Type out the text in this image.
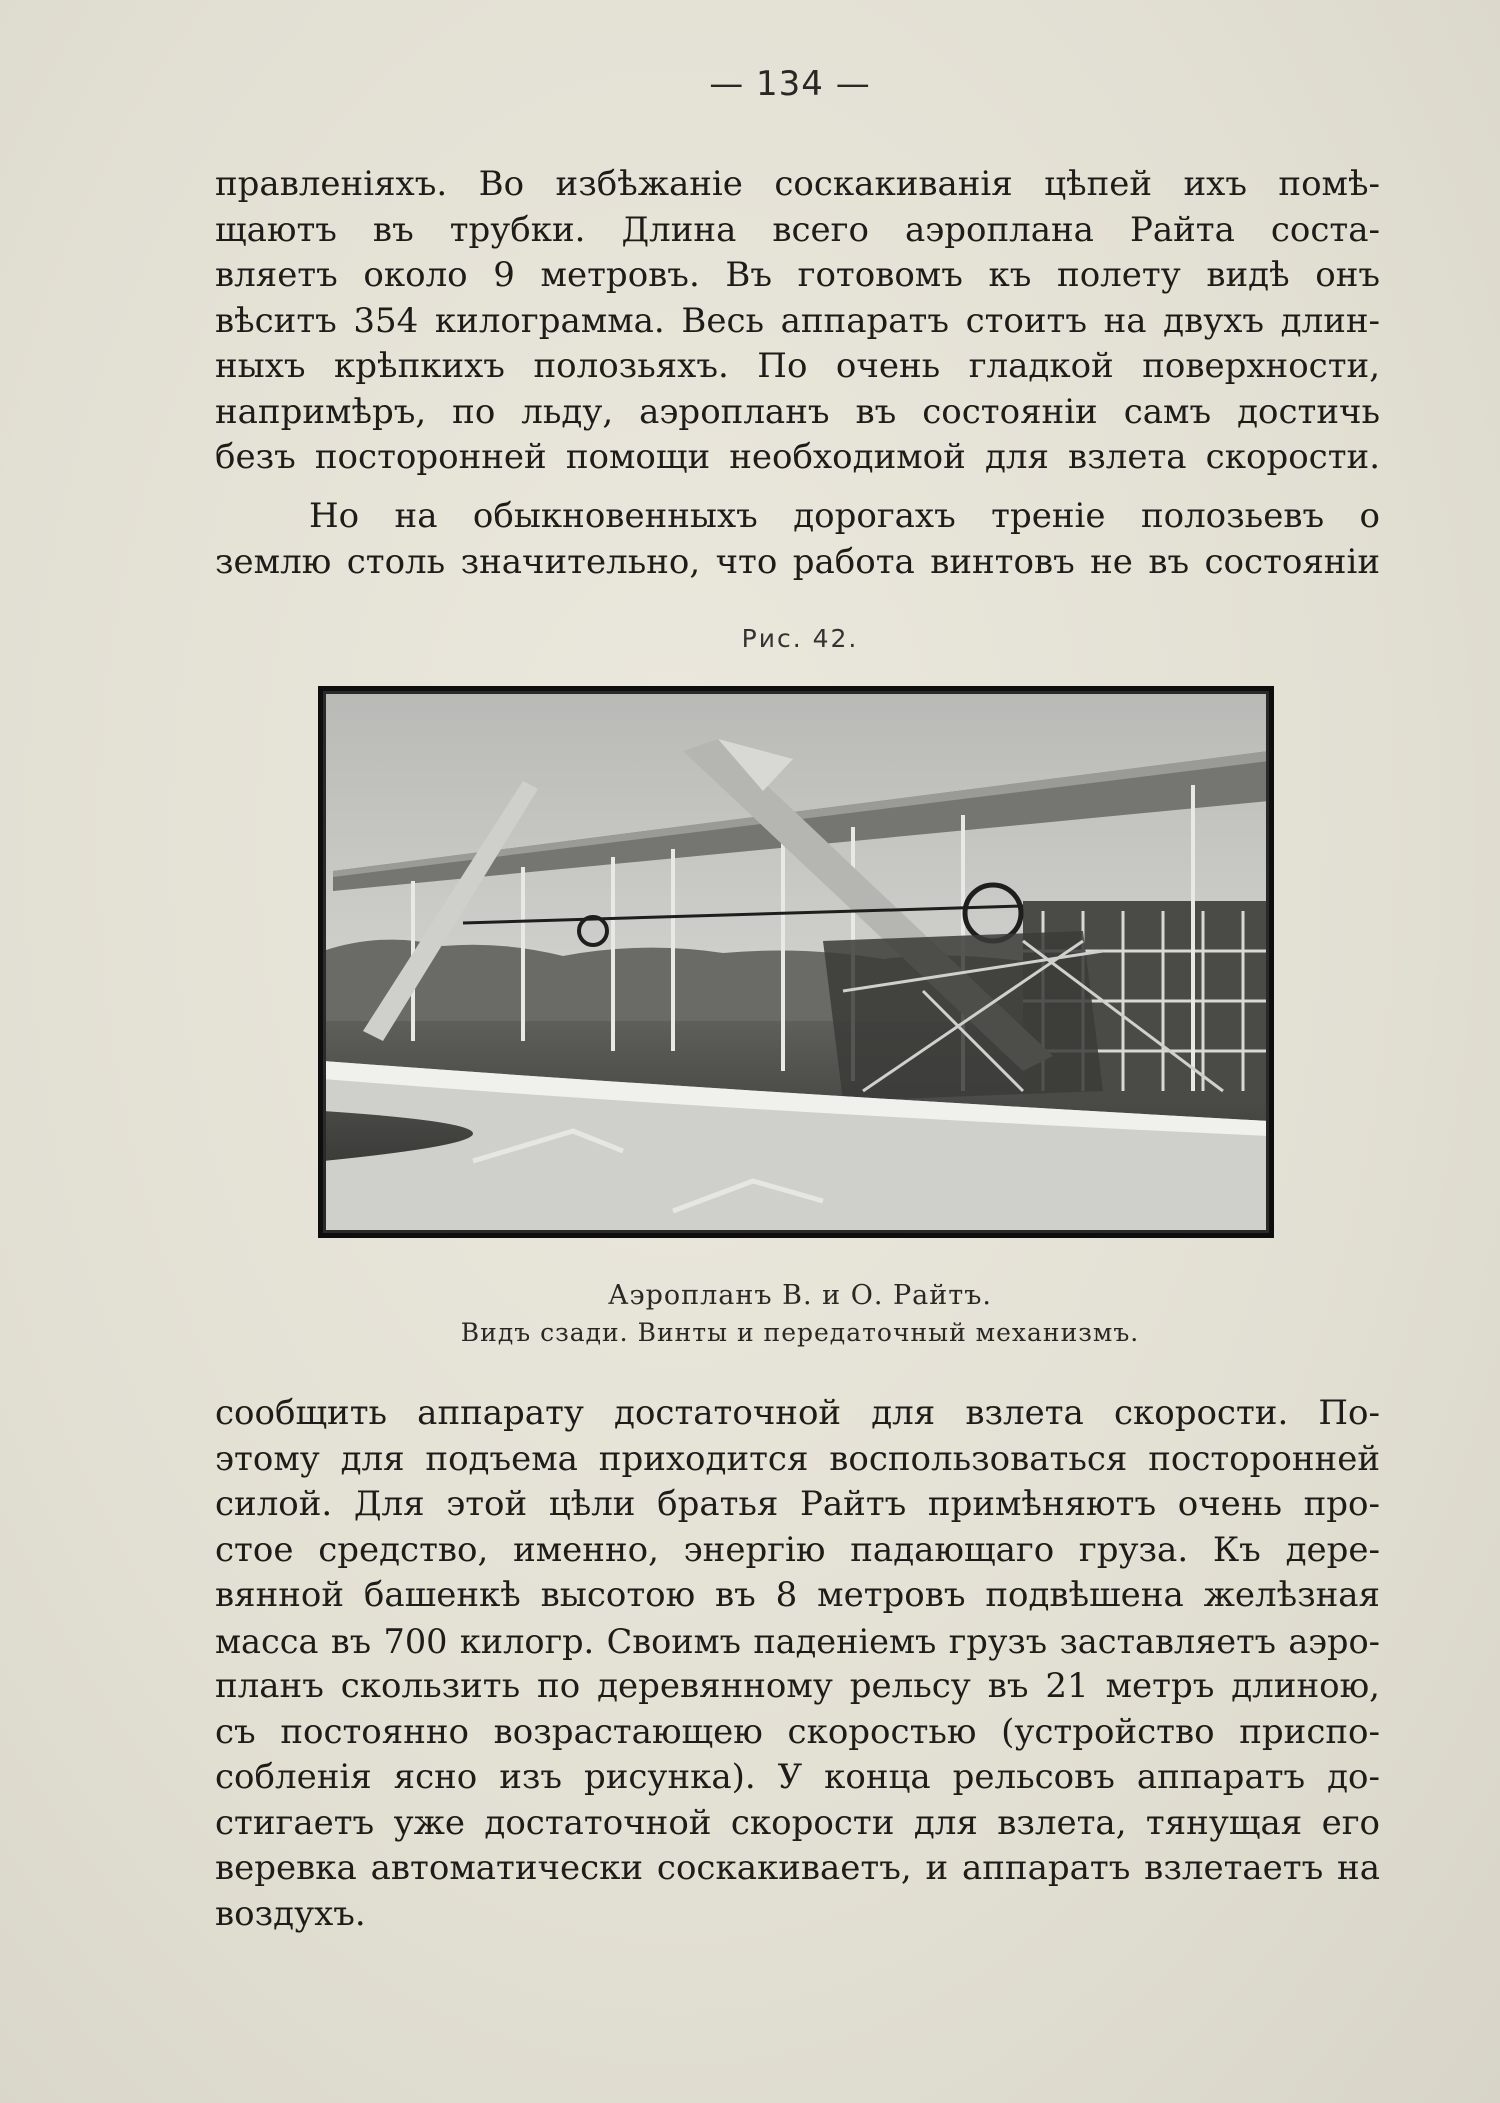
— 134 —
правленіяхъ. Во избѣжаніе соскакиванія цѣпей ихъ помѣ-
щаютъ въ трубки. Длина всего аэроплана Райта соста-
вляетъ около 9 метровъ. Въ готовомъ къ полету видѣ онъ
вѣситъ 354 килограмма. Весь аппаратъ стоитъ на двухъ длин-
ныхъ крѣпкихъ полозьяхъ. По очень гладкой поверхности,
напримѣръ, по льду, аэропланъ въ состояніи самъ достичь
безъ посторонней помощи необходимой для взлета скорости.
Но на обыкновенныхъ дорогахъ треніе полозьевъ о
землю столь значительно, что работа винтовъ не въ состояніи
Рис. 42.
Аэропланъ В. и О. Райтъ.
Видъ сзади. Винты и передаточный механизмъ.
сообщить аппарату достаточной для взлета скорости. По-
этому для подъема приходится воспользоваться посторонней
силой. Для этой цѣли братья Райтъ примѣняютъ очень про-
стое средство, именно, энергію падающаго груза. Къ дере-
вянной башенкѣ высотою въ 8 метровъ подвѣшена желѣзная
масса въ 700 килогр. Своимъ паденіемъ грузъ заставляетъ аэро-
планъ скользить по деревянному рельсу въ 21 метръ длиною,
съ постоянно возрастающею скоростью (устройство приспо-
собленія ясно изъ рисунка). У конца рельсовъ аппаратъ до-
стигаетъ уже достаточной скорости для взлета, тянущая его
веревка автоматически соскакиваетъ, и аппаратъ взлетаетъ на
воздухъ.
